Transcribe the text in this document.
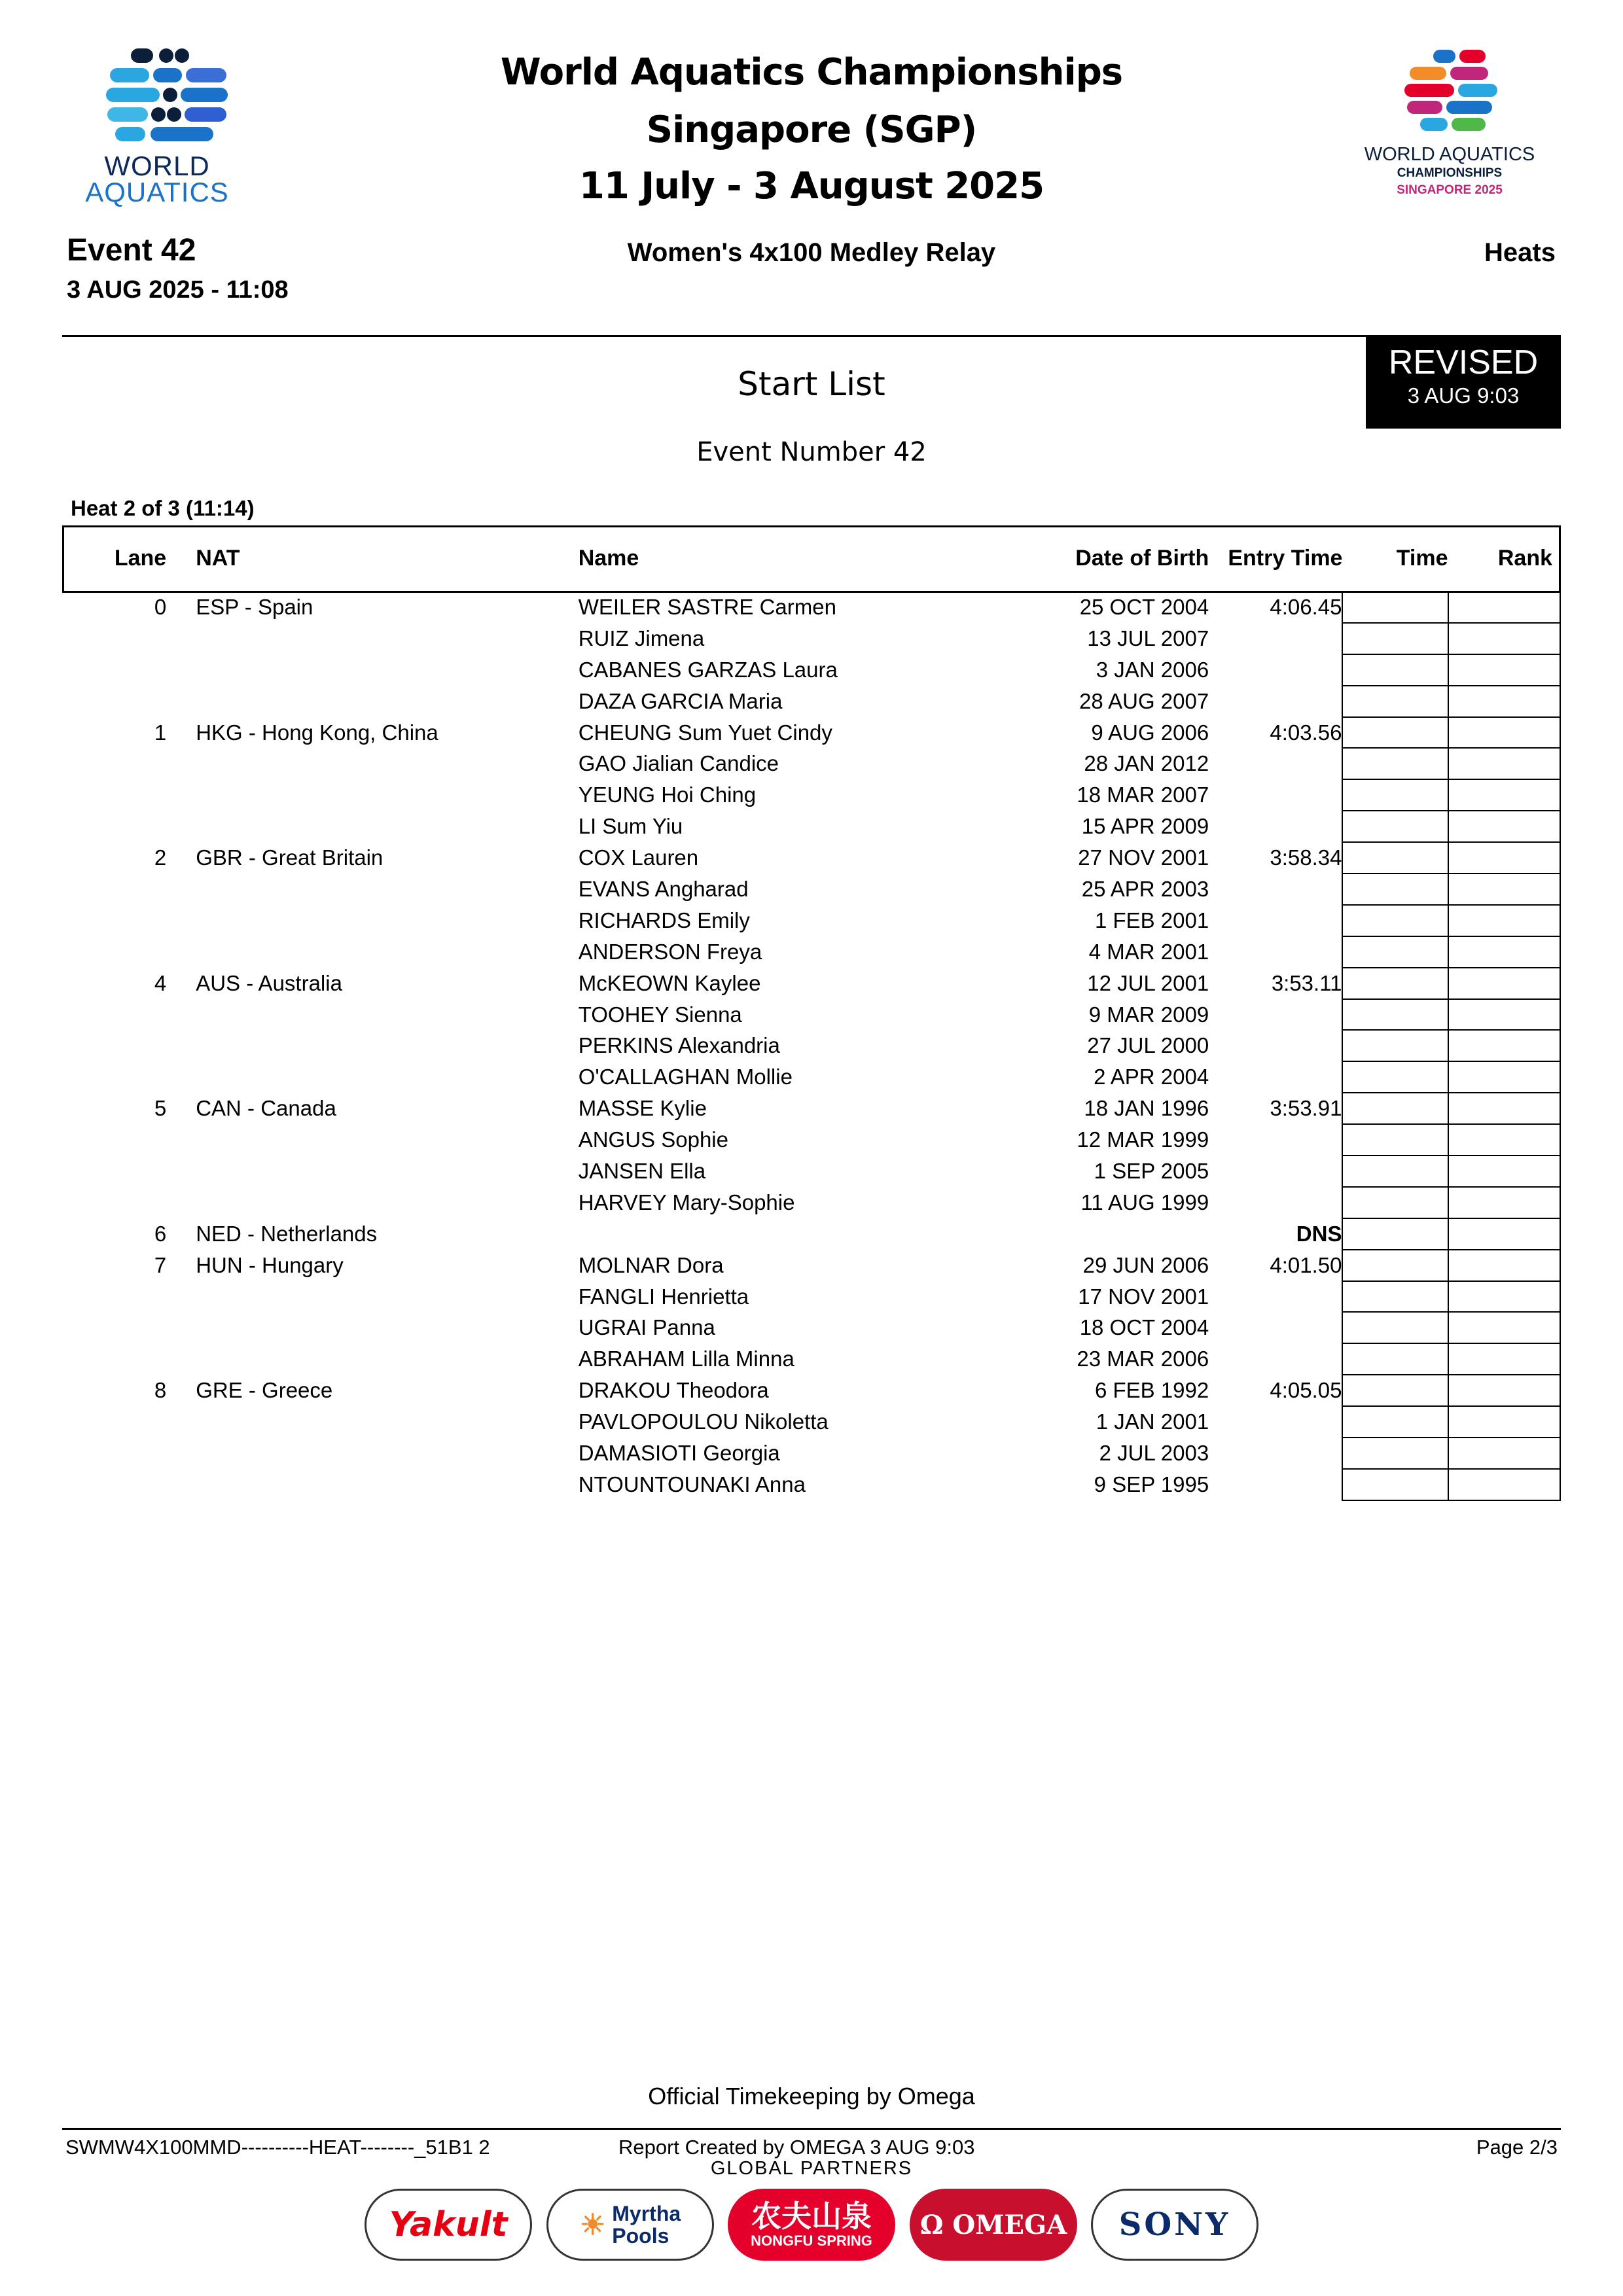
WORLD
AQUATICS
World Aquatics Championships
Singapore (SGP)
11 July - 3 August 2025
WORLD AQUATICS
CHAMPIONSHIPS
SINGAPORE 2025
Event 42
3 AUG 2025 - 11:08
Women's 4x100 Medley Relay	Heats
REVISED
3 AUG 9:03
Start List
Event Number 42
Heat 2 of 3 (11:14)
Lane	NAT	Name	Date of Birth	Entry Time	Time	Rank
0	ESP - Spain	WEILER SASTRE Carmen	25 OCT 2004	4:06.45		
		RUIZ Jimena	13 JUL 2007			
		CABANES GARZAS Laura	3 JAN 2006			
		DAZA GARCIA Maria	28 AUG 2007			
1	HKG - Hong Kong, China	CHEUNG Sum Yuet Cindy	9 AUG 2006	4:03.56		
		GAO Jialian Candice	28 JAN 2012			
		YEUNG Hoi Ching	18 MAR 2007			
		LI Sum Yiu	15 APR 2009			
2	GBR - Great Britain	COX Lauren	27 NOV 2001	3:58.34		
		EVANS Angharad	25 APR 2003			
		RICHARDS Emily	1 FEB 2001			
		ANDERSON Freya	4 MAR 2001			
4	AUS - Australia	McKEOWN Kaylee	12 JUL 2001	3:53.11		
		TOOHEY Sienna	9 MAR 2009			
		PERKINS Alexandria	27 JUL 2000			
		O'CALLAGHAN Mollie	2 APR 2004			
5	CAN - Canada	MASSE Kylie	18 JAN 1996	3:53.91		
		ANGUS Sophie	12 MAR 1999			
		JANSEN Ella	1 SEP 2005			
		HARVEY Mary-Sophie	11 AUG 1999			
6	NED - Netherlands			DNS		
7	HUN - Hungary	MOLNAR Dora	29 JUN 2006	4:01.50		
		FANGLI Henrietta	17 NOV 2001			
		UGRAI Panna	18 OCT 2004			
		ABRAHAM Lilla Minna	23 MAR 2006			
8	GRE - Greece	DRAKOU Theodora	6 FEB 1992	4:05.05		
		PAVLOPOULOU Nikoletta	1 JAN 2001			
		DAMASIOTI Georgia	2 JUL 2003			
		NTOUNTOUNAKI Anna	9 SEP 1995			
Official Timekeeping by Omega
SWMW4X100MMD----------HEAT--------_51B1 2	Report Created by OMEGA 3 AUG 9:03	Page 2/3
GLOBAL PARTNERS
Yakult	☀ Myrtha
Pools
农夫山泉
NONGFU SPRING
Ω OMEGA SONY
